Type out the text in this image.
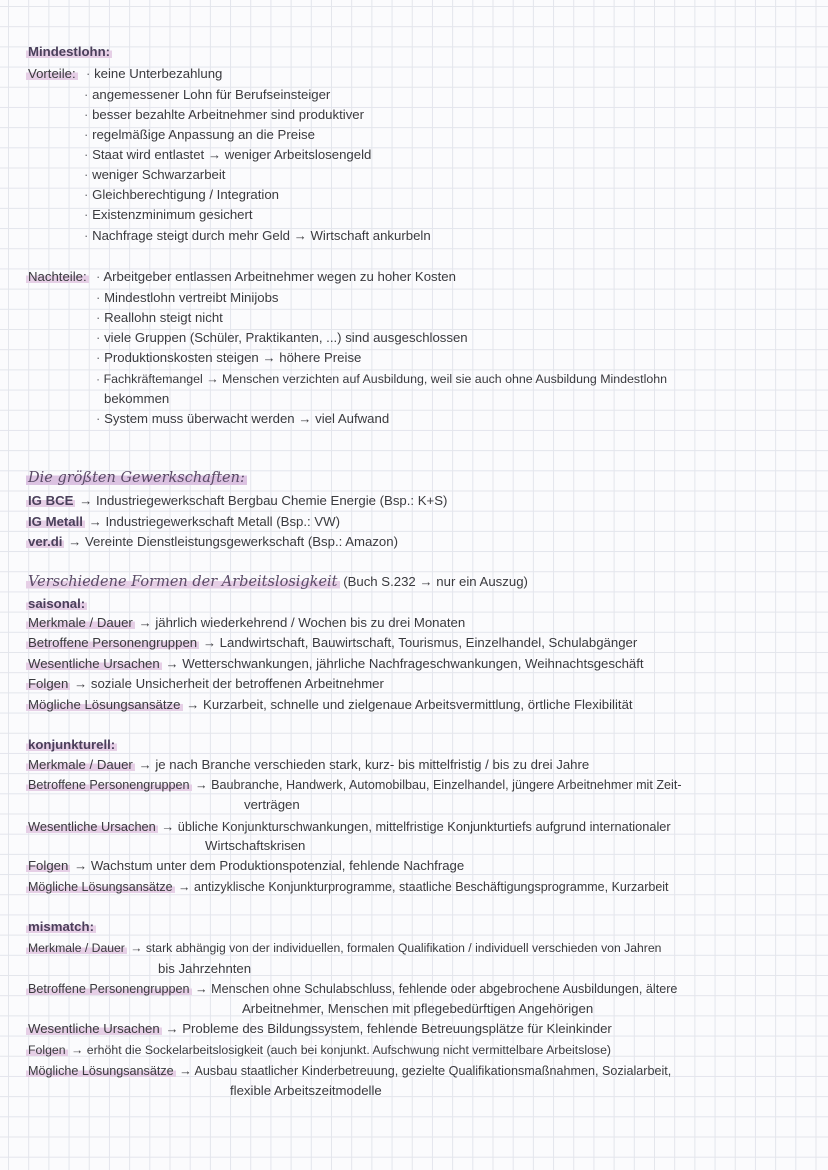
Mindestlohn:
Vorteile: · keine Unterbezahlung
· angemessener Lohn für Berufseinsteiger
· besser bezahlte Arbeitnehmer sind produktiver
· regelmäßige Anpassung an die Preise
· Staat wird entlastet → weniger Arbeitslosengeld
· weniger Schwarzarbeit
· Gleichberechtigung / Integration
· Existenzminimum gesichert
· Nachfrage steigt durch mehr Geld → Wirtschaft ankurbeln
Nachteile: · Arbeitgeber entlassen Arbeitnehmer wegen zu hoher Kosten
· Mindestlohn vertreibt Minijobs
· Reallohn steigt nicht
· viele Gruppen (Schüler, Praktikanten, ...) sind ausgeschlossen
· Produktionskosten steigen → höhere Preise
· Fachkräftemangel → Menschen verzichten auf Ausbildung, weil sie auch ohne Ausbildung Mindestlohn
bekommen
· System muss überwacht werden → viel Aufwand
Die größten Gewerkschaften:
IG BCE → Industriegewerkschaft Bergbau Chemie Energie (Bsp.: K+S)
IG Metall → Industriegewerkschaft Metall (Bsp.: VW)
ver.di → Vereinte Dienstleistungsgewerkschaft (Bsp.: Amazon)
Verschiedene Formen der Arbeitslosigkeit (Buch S.232 → nur ein Auszug)
saisonal:
Merkmale / Dauer → jährlich wiederkehrend / Wochen bis zu drei Monaten
Betroffene Personengruppen → Landwirtschaft, Bauwirtschaft, Tourismus, Einzelhandel, Schulabgänger
Wesentliche Ursachen → Wetterschwankungen, jährliche Nachfrageschwankungen, Weihnachtsgeschäft
Folgen → soziale Unsicherheit der betroffenen Arbeitnehmer
Mögliche Lösungsansätze → Kurzarbeit, schnelle und zielgenaue Arbeitsvermittlung, örtliche Flexibilität
konjunkturell:
Merkmale / Dauer → je nach Branche verschieden stark, kurz- bis mittelfristig / bis zu drei Jahre
Betroffene Personengruppen → Baubranche, Handwerk, Automobilbau, Einzelhandel, jüngere Arbeitnehmer mit Zeit-
verträgen
Wesentliche Ursachen → übliche Konjunkturschwankungen, mittelfristige Konjunkturtiefs aufgrund internationaler
Wirtschaftskrisen
Folgen → Wachstum unter dem Produktionspotenzial, fehlende Nachfrage
Mögliche Lösungsansätze → antizyklische Konjunkturprogramme, staatliche Beschäftigungsprogramme, Kurzarbeit
mismatch:
Merkmale / Dauer → stark abhängig von der individuellen, formalen Qualifikation / individuell verschieden von Jahren
bis Jahrzehnten
Betroffene Personengruppen → Menschen ohne Schulabschluss, fehlende oder abgebrochene Ausbildungen, ältere
Arbeitnehmer, Menschen mit pflegebedürftigen Angehörigen
Wesentliche Ursachen → Probleme des Bildungssystem, fehlende Betreuungsplätze für Kleinkinder
Folgen → erhöht die Sockelarbeitslosigkeit (auch bei konjunkt. Aufschwung nicht vermittelbare Arbeitslose)
Mögliche Lösungsansätze → Ausbau staatlicher Kinderbetreuung, gezielte Qualifikationsmaßnahmen, Sozialarbeit,
flexible Arbeitszeitmodelle
